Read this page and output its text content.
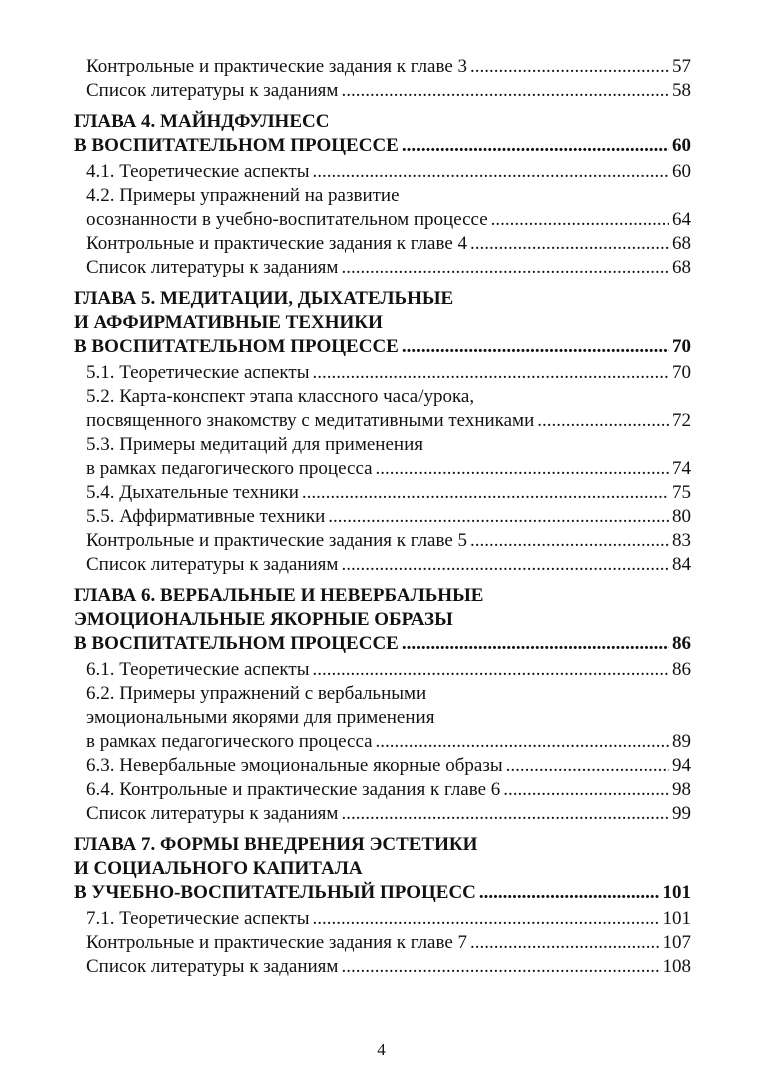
Контрольные и практические задания к главе 3 .....	57
Список литературы к заданиям .....	58
ГЛАВА 4. МАЙНДФУЛНЕСС
В ВОСПИТАТЕЛЬНОМ ПРОЦЕССЕ .....	60
4.1. Теоретические аспекты .....	60
4.2. Примеры упражнений на развитие
осознанности в учебно-воспитательном процессе .....	64
Контрольные и практические задания к главе 4 .....	68
Список литературы к заданиям .....	68
ГЛАВА 5. МЕДИТАЦИИ, ДЫХАТЕЛЬНЫЕ
И АФФИРМАТИВНЫЕ ТЕХНИКИ
В ВОСПИТАТЕЛЬНОМ ПРОЦЕССЕ .....	70
5.1. Теоретические аспекты .....	70
5.2. Карта-конспект этапа классного часа/урока,
посвященного знакомству с медитативными техниками .....	72
5.3. Примеры медитаций для применения
в рамках педагогического процесса .....	74
5.4. Дыхательные техники .....	75
5.5. Аффирмативные техники .....	80
Контрольные и практические задания к главе 5 .....	83
Список литературы к заданиям .....	84
ГЛАВА 6. ВЕРБАЛЬНЫЕ И НЕВЕРБАЛЬНЫЕ
ЭМОЦИОНАЛЬНЫЕ ЯКОРНЫЕ ОБРАЗЫ
В ВОСПИТАТЕЛЬНОМ ПРОЦЕССЕ .....	86
6.1. Теоретические аспекты .....	86
6.2. Примеры упражнений с вербальными
эмоциональными якорями для применения
в рамках педагогического процесса .....	89
6.3. Невербальные эмоциональные якорные образы .....	94
6.4. Контрольные и практические задания к главе 6 .....	98
Список литературы к заданиям .....	99
ГЛАВА 7. ФОРМЫ ВНЕДРЕНИЯ ЭСТЕТИКИ
И СОЦИАЛЬНОГО КАПИТАЛА
В УЧЕБНО-ВОСПИТАТЕЛЬНЫЙ ПРОЦЕСС .....	101
7.1. Теоретические аспекты .....	101
Контрольные и практические задания к главе 7 .....	107
Список литературы к заданиям .....	108
4
